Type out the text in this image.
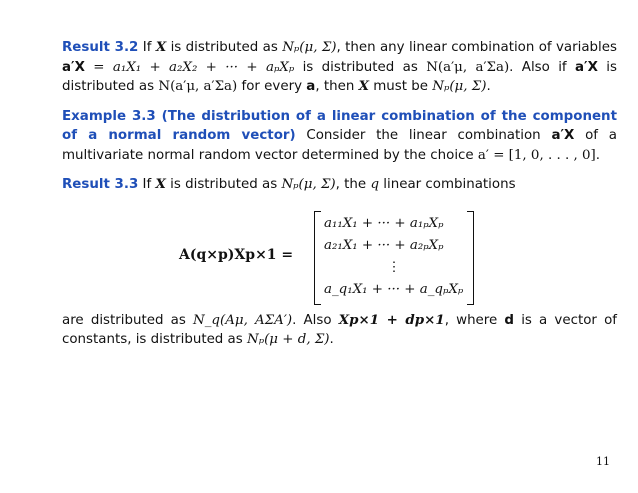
Result 3.2 If X is distributed as Nₚ(μ, Σ), then any linear combination of variables a′X = a₁X₁ + a₂X₂ + ··· + aₚXₚ is distributed as N(a′μ, a′Σa). Also if a′X is distributed as N(a′μ, a′Σa) for every a, then X must be Nₚ(μ, Σ).

Example 3.3 (The distribution of a linear combination of the component of a normal random vector) Consider the linear combination a′X of a multivariate normal random vector determined by the choice a′ = [1, 0, . . . , 0].

Result 3.3 If X is distributed as Nₚ(μ, Σ), the q linear combinations

A(q×p)Xp×1 =
a₁₁X₁ + ··· + a₁ₚXₚ
a₂₁X₁ + ··· + a₂ₚXₚ
⋮
a_q₁X₁ + ··· + a_qₚXₚ

are distributed as N_q(Aμ, AΣA′). Also Xp×1 + dp×1, where d is a vector of constants, is distributed as Nₚ(μ + d, Σ).

11
